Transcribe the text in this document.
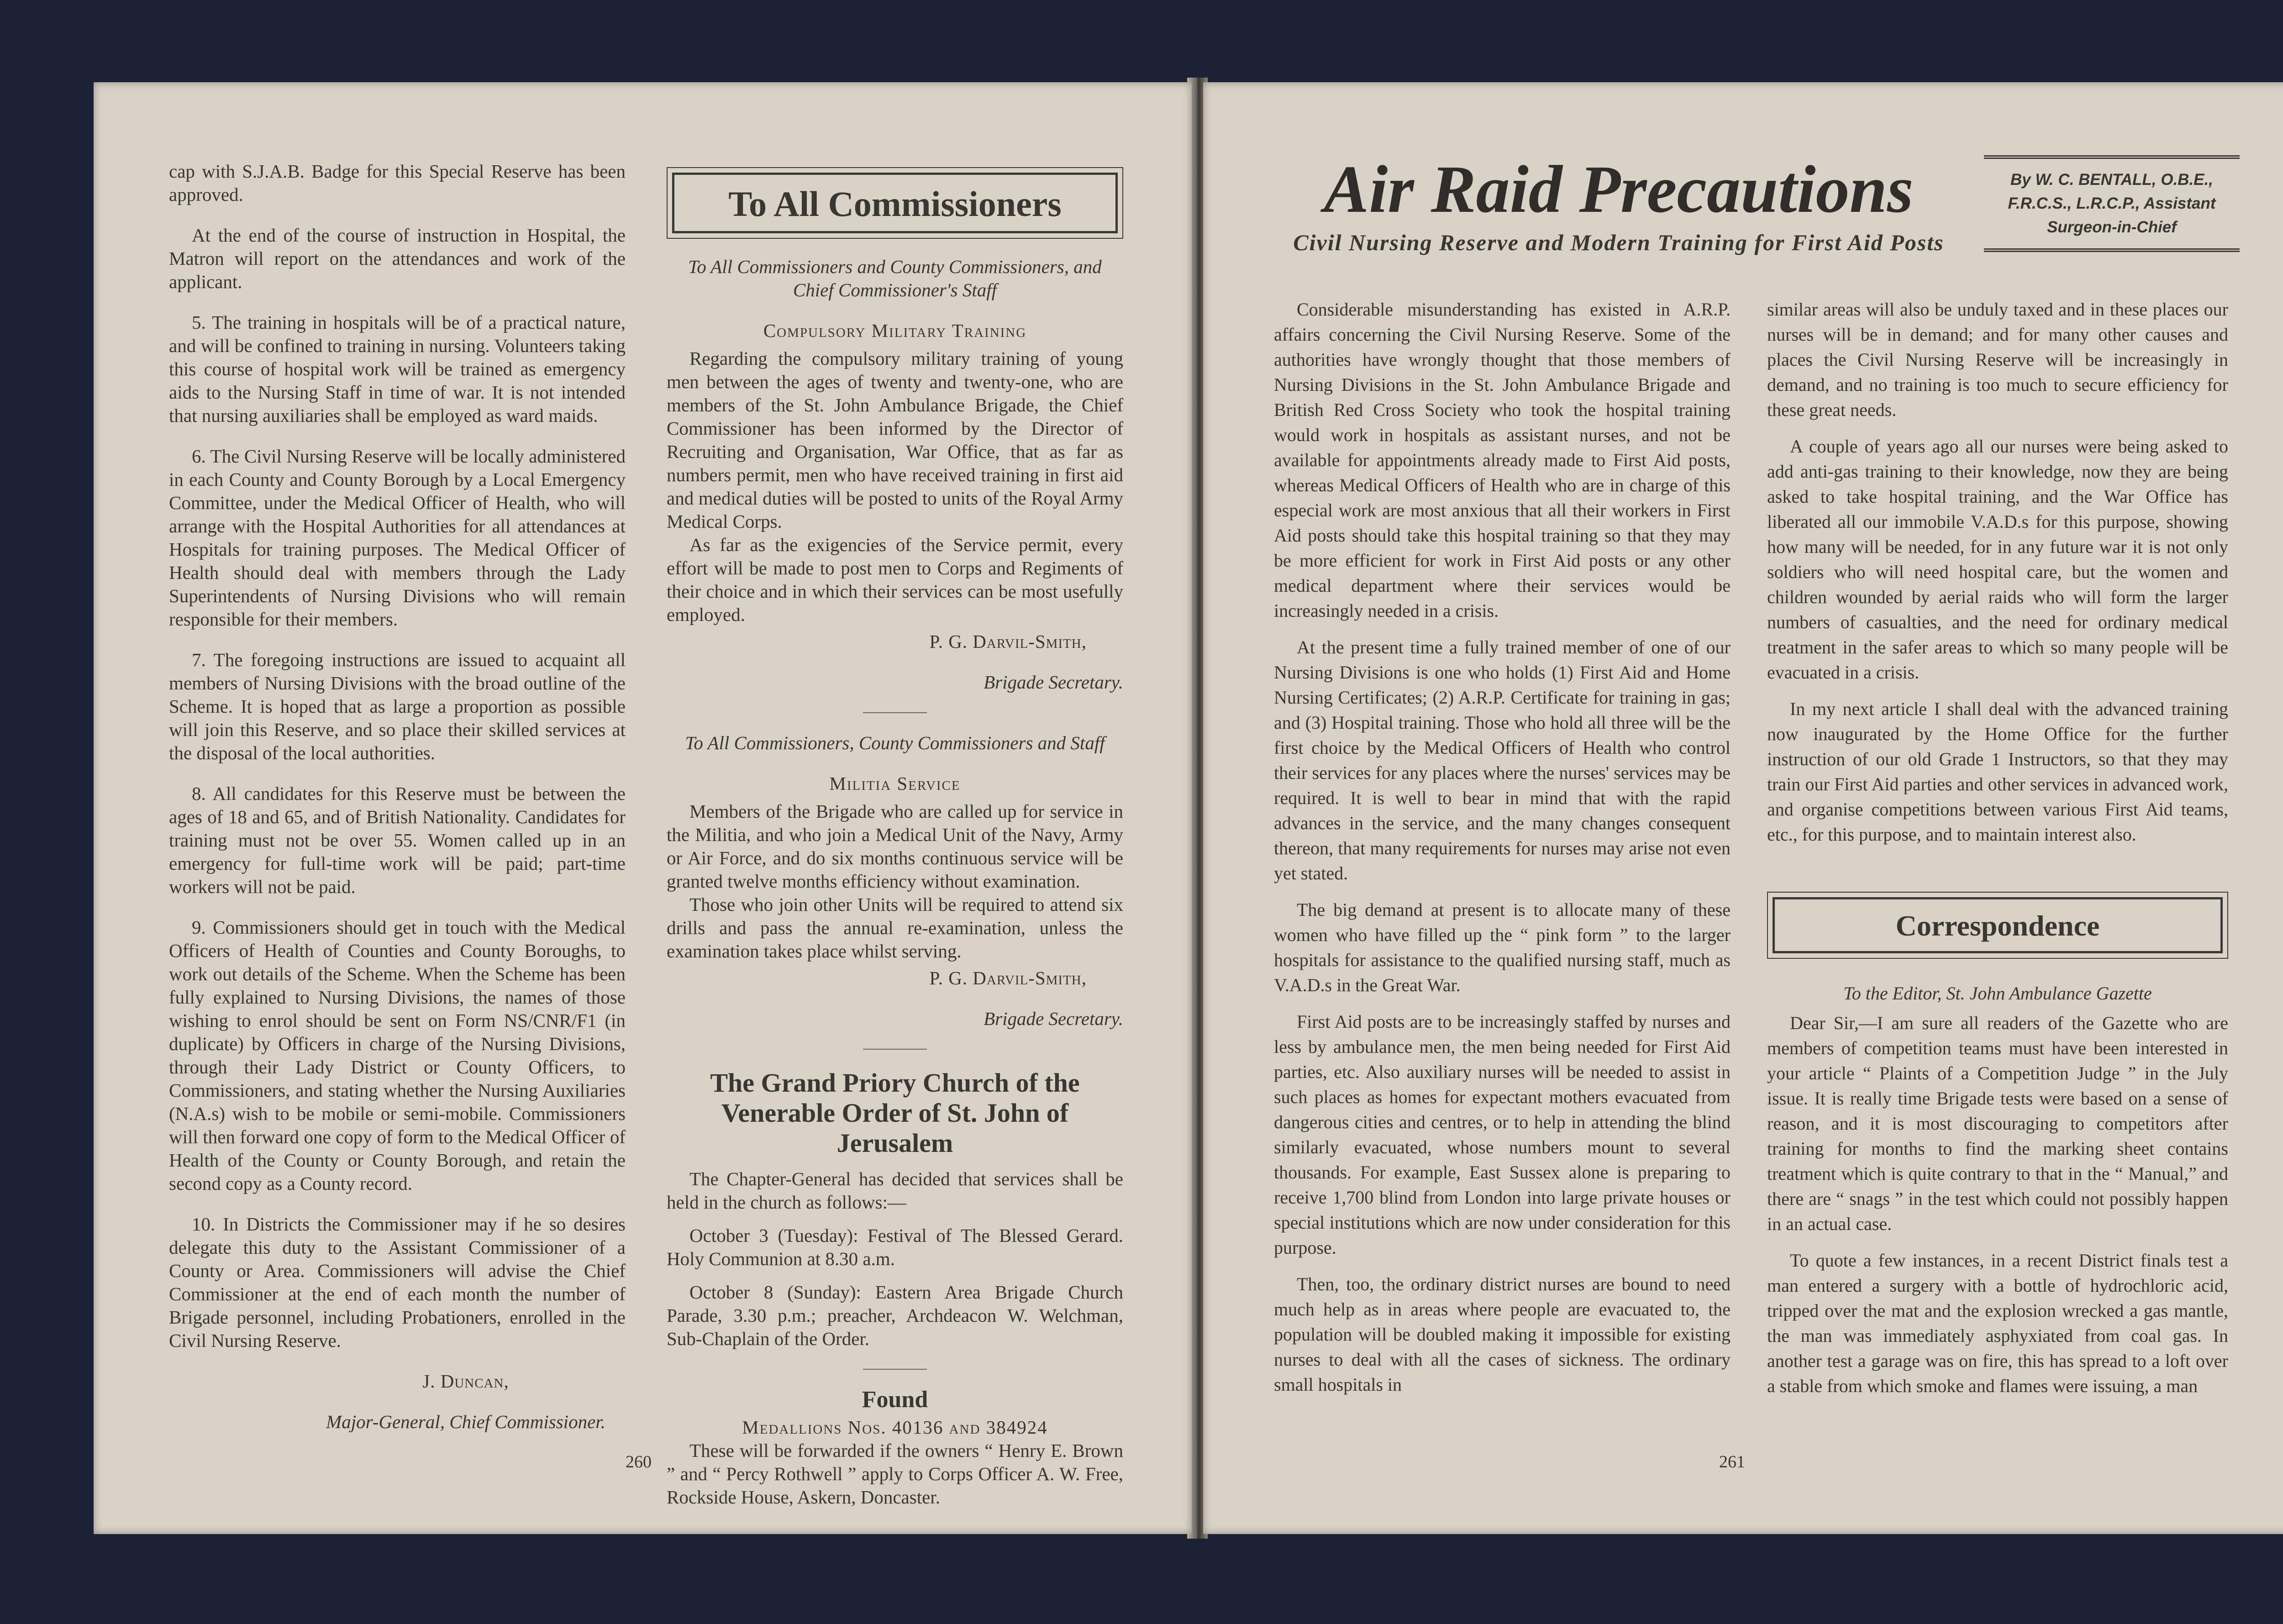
cap with S.J.A.B. Badge for this Special Reserve has been approved.

At the end of the course of instruction in Hospital, the Matron will report on the attendances and work of the applicant.

5. The training in hospitals will be of a practical nature, and will be confined to training in nursing. Volunteers taking this course of hospital work will be trained as emergency aids to the Nursing Staff in time of war. It is not intended that nursing auxiliaries shall be employed as ward maids.

6. The Civil Nursing Reserve will be locally administered in each County and County Borough by a Local Emergency Committee, under the Medical Officer of Health, who will arrange with the Hospital Authorities for all attendances at Hospitals for training purposes. The Medical Officer of Health should deal with members through the Lady Superintendents of Nursing Divisions who will remain responsible for their members.

7. The foregoing instructions are issued to acquaint all members of Nursing Divisions with the broad outline of the Scheme. It is hoped that as large a proportion as possible will join this Reserve, and so place their skilled services at the disposal of the local authorities.

8. All candidates for this Reserve must be between the ages of 18 and 65, and of British Nationality. Candidates for training must not be over 55. Women called up in an emergency for full-time work will be paid; part-time workers will not be paid.

9. Commissioners should get in touch with the Medical Officers of Health of Counties and County Boroughs, to work out details of the Scheme. When the Scheme has been fully explained to Nursing Divisions, the names of those wishing to enrol should be sent on Form NS/CNR/F1 (in duplicate) by Officers in charge of the Nursing Divisions, through their Lady District or County Officers, to Commissioners, and stating whether the Nursing Auxiliaries (N.A.s) wish to be mobile or semi-mobile. Commissioners will then forward one copy of form to the Medical Officer of Health of the County or County Borough, and retain the second copy as a County record.

10. In Districts the Commissioner may if he so desires delegate this duty to the Assistant Commissioner of a County or Area. Commissioners will advise the Chief Commissioner at the end of each month the number of Brigade personnel, including Probationers, enrolled in the Civil Nursing Reserve.

J. Duncan,

Major-General, Chief Commissioner.

To All Commissioners

To All Commissioners and County Commissioners, and Chief Commissioner's Staff

Compulsory Military Training

Regarding the compulsory military training of young men between the ages of twenty and twenty-one, who are members of the St. John Ambulance Brigade, the Chief Commissioner has been informed by the Director of Recruiting and Organisation, War Office, that as far as numbers permit, men who have received training in first aid and medical duties will be posted to units of the Royal Army Medical Corps.

As far as the exigencies of the Service permit, every effort will be made to post men to Corps and Regiments of their choice and in which their services can be most usefully employed.

P. G. Darvil-Smith,

Brigade Secretary.

To All Commissioners, County Commissioners and Staff

Militia Service

Members of the Brigade who are called up for service in the Militia, and who join a Medical Unit of the Navy, Army or Air Force, and do six months continuous service will be granted twelve months efficiency without examination.

Those who join other Units will be required to attend six drills and pass the annual re-examination, unless the examination takes place whilst serving.

P. G. Darvil-Smith,

Brigade Secretary.

The Grand Priory Church of the Venerable Order of St. John of Jerusalem

The Chapter-General has decided that services shall be held in the church as follows:—

October 3 (Tuesday): Festival of The Blessed Gerard. Holy Communion at 8.30 a.m.

October 8 (Sunday): Eastern Area Brigade Church Parade, 3.30 p.m.; preacher, Archdeacon W. Welchman, Sub-Chaplain of the Order.

Found

Medallions Nos. 40136 and 384924

These will be forwarded if the owners “ Henry E. Brown ” and “ Percy Rothwell ” apply to Corps Officer A. W. Free, Rockside House, Askern, Doncaster.

260
Air Raid Precautions
Civil Nursing Reserve and Modern Training for First Aid Posts
By W. C. BENTALL, O.B.E.,
F.R.C.S., L.R.C.P., Assistant
Surgeon-in-Chief

Considerable misunderstanding has existed in A.R.P. affairs concerning the Civil Nursing Reserve. Some of the authorities have wrongly thought that those members of Nursing Divisions in the St. John Ambulance Brigade and British Red Cross Society who took the hospital training would work in hospitals as assistant nurses, and not be available for appointments already made to First Aid posts, whereas Medical Officers of Health who are in charge of this especial work are most anxious that all their workers in First Aid posts should take this hospital training so that they may be more efficient for work in First Aid posts or any other medical department where their services would be increasingly needed in a crisis.

At the present time a fully trained member of one of our Nursing Divisions is one who holds (1) First Aid and Home Nursing Certificates; (2) A.R.P. Certificate for training in gas; and (3) Hospital training. Those who hold all three will be the first choice by the Medical Officers of Health who control their services for any places where the nurses' services may be required. It is well to bear in mind that with the rapid advances in the service, and the many changes consequent thereon, that many requirements for nurses may arise not even yet stated.

The big demand at present is to allocate many of these women who have filled up the “ pink form ” to the larger hospitals for assistance to the qualified nursing staff, much as V.A.D.s in the Great War.

First Aid posts are to be increasingly staffed by nurses and less by ambulance men, the men being needed for First Aid parties, etc. Also auxiliary nurses will be needed to assist in such places as homes for expectant mothers evacuated from dangerous cities and centres, or to help in attending the blind similarly evacuated, whose numbers mount to several thousands. For example, East Sussex alone is preparing to receive 1,700 blind from London into large private houses or special institutions which are now under consideration for this purpose.

Then, too, the ordinary district nurses are bound to need much help as in areas where people are evacuated to, the population will be doubled making it impossible for existing nurses to deal with all the cases of sickness. The ordinary small hospitals in

similar areas will also be unduly taxed and in these places our nurses will be in demand; and for many other causes and places the Civil Nursing Reserve will be increasingly in demand, and no training is too much to secure efficiency for these great needs.

A couple of years ago all our nurses were being asked to add anti-gas training to their knowledge, now they are being asked to take hospital training, and the War Office has liberated all our immobile V.A.D.s for this purpose, showing how many will be needed, for in any future war it is not only soldiers who will need hospital care, but the women and children wounded by aerial raids who will form the larger numbers of casualties, and the need for ordinary medical treatment in the safer areas to which so many people will be evacuated in a crisis.

In my next article I shall deal with the advanced training now inaugurated by the Home Office for the further instruction of our old Grade 1 Instructors, so that they may train our First Aid parties and other services in advanced work, and organise competitions between various First Aid teams, etc., for this purpose, and to maintain interest also.

Correspondence

To the Editor, St. John Ambulance Gazette

Dear Sir,—I am sure all readers of the Gazette who are members of competition teams must have been interested in your article “ Plaints of a Competition Judge ” in the July issue. It is really time Brigade tests were based on a sense of reason, and it is most discouraging to competitors after training for months to find the marking sheet contains treatment which is quite contrary to that in the “ Manual,” and there are “ snags ” in the test which could not possibly happen in an actual case.

To quote a few instances, in a recent District finals test a man entered a surgery with a bottle of hydrochloric acid, tripped over the mat and the explosion wrecked a gas mantle, the man was immediately asphyxiated from coal gas. In another test a garage was on fire, this has spread to a loft over a stable from which smoke and flames were issuing, a man

261
